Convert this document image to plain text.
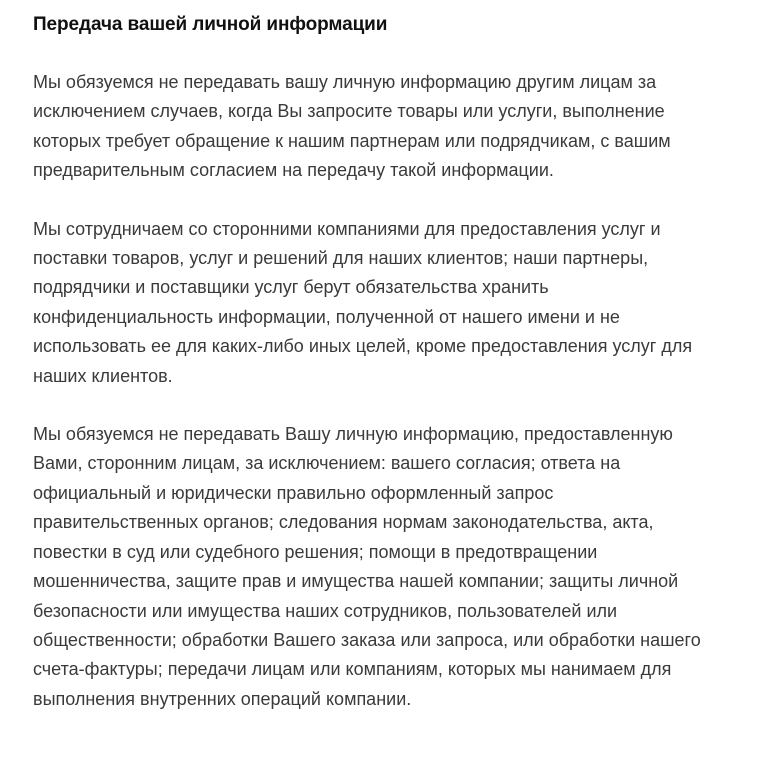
Передача вашей личной информации

Мы обязуемся не передавать вашу личную информацию другим лицам за
исключением случаев, когда Вы запросите товары или услуги, выполнение
которых требует обращение к нашим партнерам или подрядчикам, с вашим
предварительным согласием на передачу такой информации.

Мы сотрудничаем со сторонними компаниями для предоставления услуг и
поставки товаров, услуг и решений для наших клиентов; наши партнеры,
подрядчики и поставщики услуг берут обязательства хранить
конфиденциальность информации, полученной от нашего имени и не
использовать ее для каких-либо иных целей, кроме предоставления услуг для
наших клиентов.

Мы обязуемся не передавать Вашу личную информацию, предоставленную
Вами, сторонним лицам, за исключением: вашего согласия; ответа на
официальный и юридически правильно оформленный запрос
правительственных органов; следования нормам законодательства, акта,
повестки в суд или судебного решения; помощи в предотвращении
мошенничества, защите прав и имущества нашей компании; защиты личной
безопасности или имущества наших сотрудников, пользователей или
общественности; обработки Вашего заказа или запроса, или обработки нашего
счета-фактуры; передачи лицам или компаниям, которых мы нанимаем для
выполнения внутренних операций компании.
